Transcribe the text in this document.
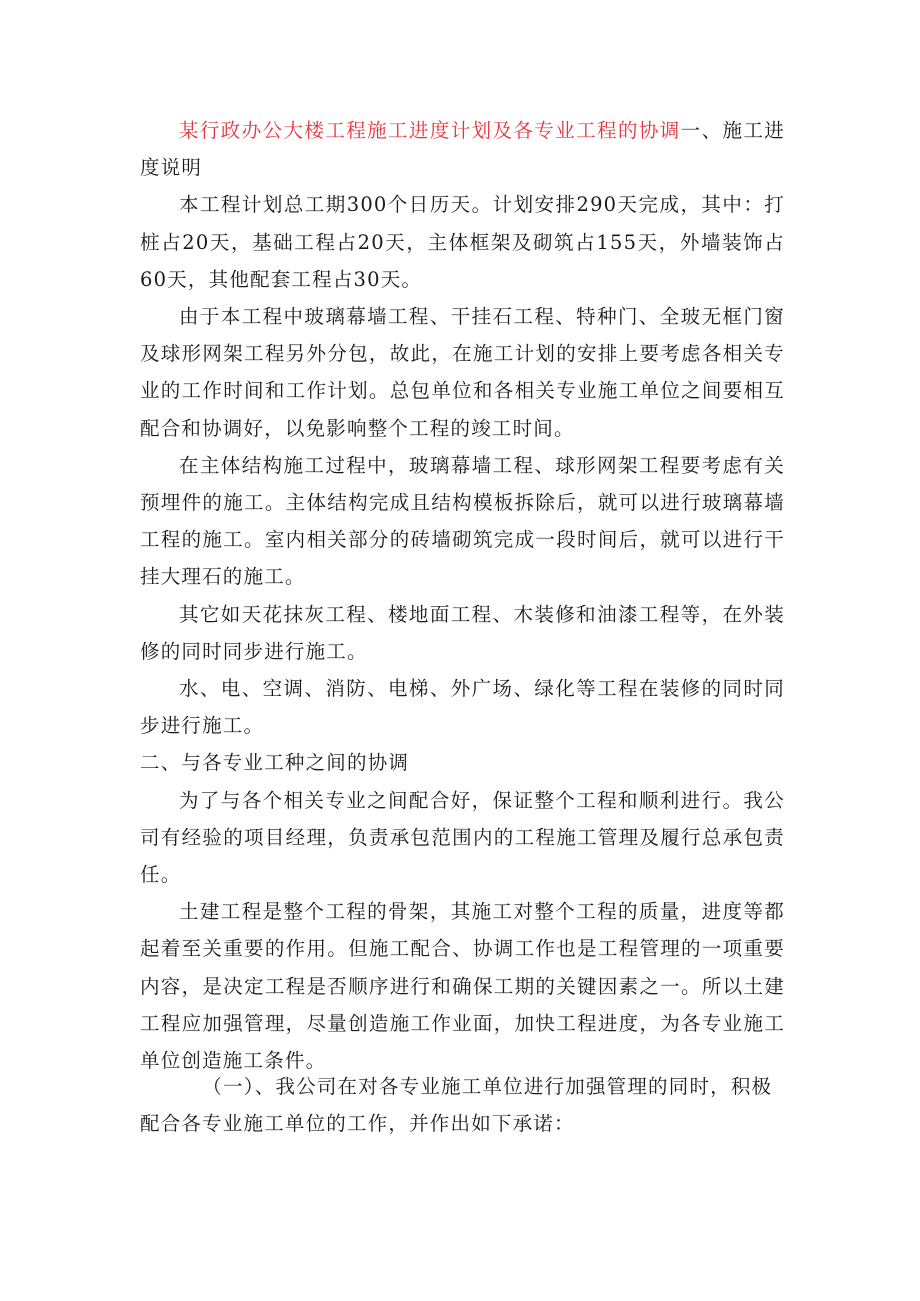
某行政办公大楼工程施工进度计划及各专业工程的协调一、施工进度说明

本工程计划总工期300个日历天。计划安排290天完成，其中：打桩占20天，基础工程占20天，主体框架及砌筑占155天，外墙装饰占60天，其他配套工程占30天。

由于本工程中玻璃幕墙工程、干挂石工程、特种门、全玻无框门窗及球形网架工程另外分包，故此，在施工计划的安排上要考虑各相关专业的工作时间和工作计划。总包单位和各相关专业施工单位之间要相互配合和协调好，以免影响整个工程的竣工时间。

在主体结构施工过程中，玻璃幕墙工程、球形网架工程要考虑有关预埋件的施工。主体结构完成且结构模板拆除后，就可以进行玻璃幕墙工程的施工。室内相关部分的砖墙砌筑完成一段时间后，就可以进行干挂大理石的施工。

其它如天花抹灰工程、楼地面工程、木装修和油漆工程等，在外装修的同时同步进行施工。

水、电、空调、消防、电梯、外广场、绿化等工程在装修的同时同步进行施工。

二、与各专业工种之间的协调

为了与各个相关专业之间配合好，保证整个工程和顺利进行。我公司有经验的项目经理，负责承包范围内的工程施工管理及履行总承包责任。

土建工程是整个工程的骨架，其施工对整个工程的质量，进度等都起着至关重要的作用。但施工配合、协调工作也是工程管理的一项重要内容，是决定工程是否顺序进行和确保工期的关键因素之一。所以土建工程应加强管理，尽量创造施工作业面，加快工程进度，为各专业施工单位创造施工条件。

（一）、我公司在对各专业施工单位进行加强管理的同时，积极配合各专业施工单位的工作，并作出如下承诺：
